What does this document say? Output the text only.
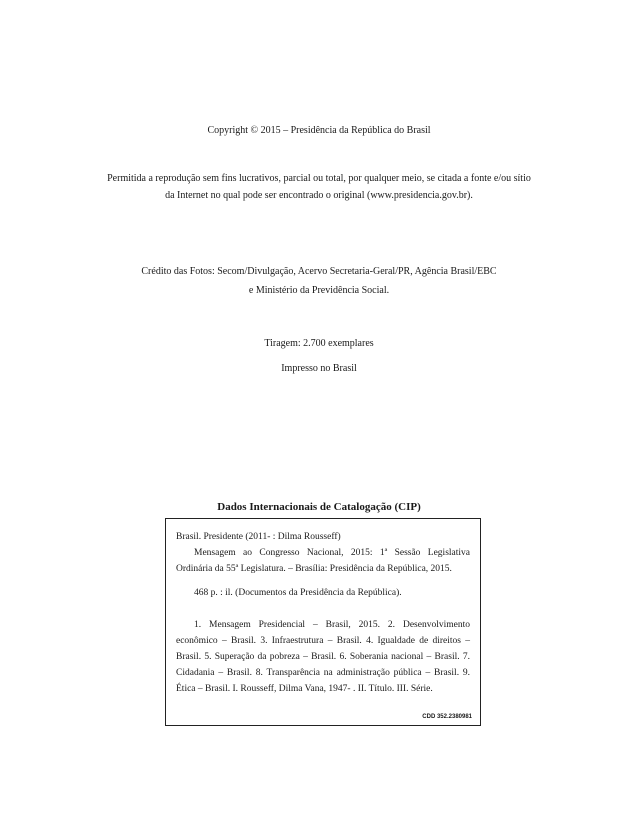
Copyright © 2015 – Presidência da República do Brasil
Permitida a reprodução sem fins lucrativos, parcial ou total, por qualquer meio, se citada a fonte e/ou sítio
da Internet no qual pode ser encontrado o original (www.presidencia.gov.br).
Crédito das Fotos: Secom/Divulgação, Acervo Secretaria-Geral/PR, Agência Brasil/EBC
e Ministério da Previdência Social.
Tiragem: 2.700 exemplares
Impresso no Brasil
Dados Internacionais de Catalogação (CIP)

Brasil. Presidente (2011- : Dilma Rousseff)

Mensagem ao Congresso Nacional, 2015: 1ª Sessão Legislativa Ordinária da 55ª Legislatura. – Brasília: Presidência da República, 2015.

468 p. : il. (Documentos da Presidência da República).

1. Mensagem Presidencial – Brasil, 2015. 2. Desenvolvimento econômico – Brasil. 3. Infraestrutura – Brasil. 4. Igualdade de direitos – Brasil. 5. Superação da pobreza – Brasil. 6. Soberania nacional – Brasil. 7. Cidadania – Brasil. 8. Transparência na administração pública – Brasil. 9. Ética – Brasil. I. Rousseff, Dilma Vana, 1947- . II. Título. III. Série.

CDD 352.2380981
